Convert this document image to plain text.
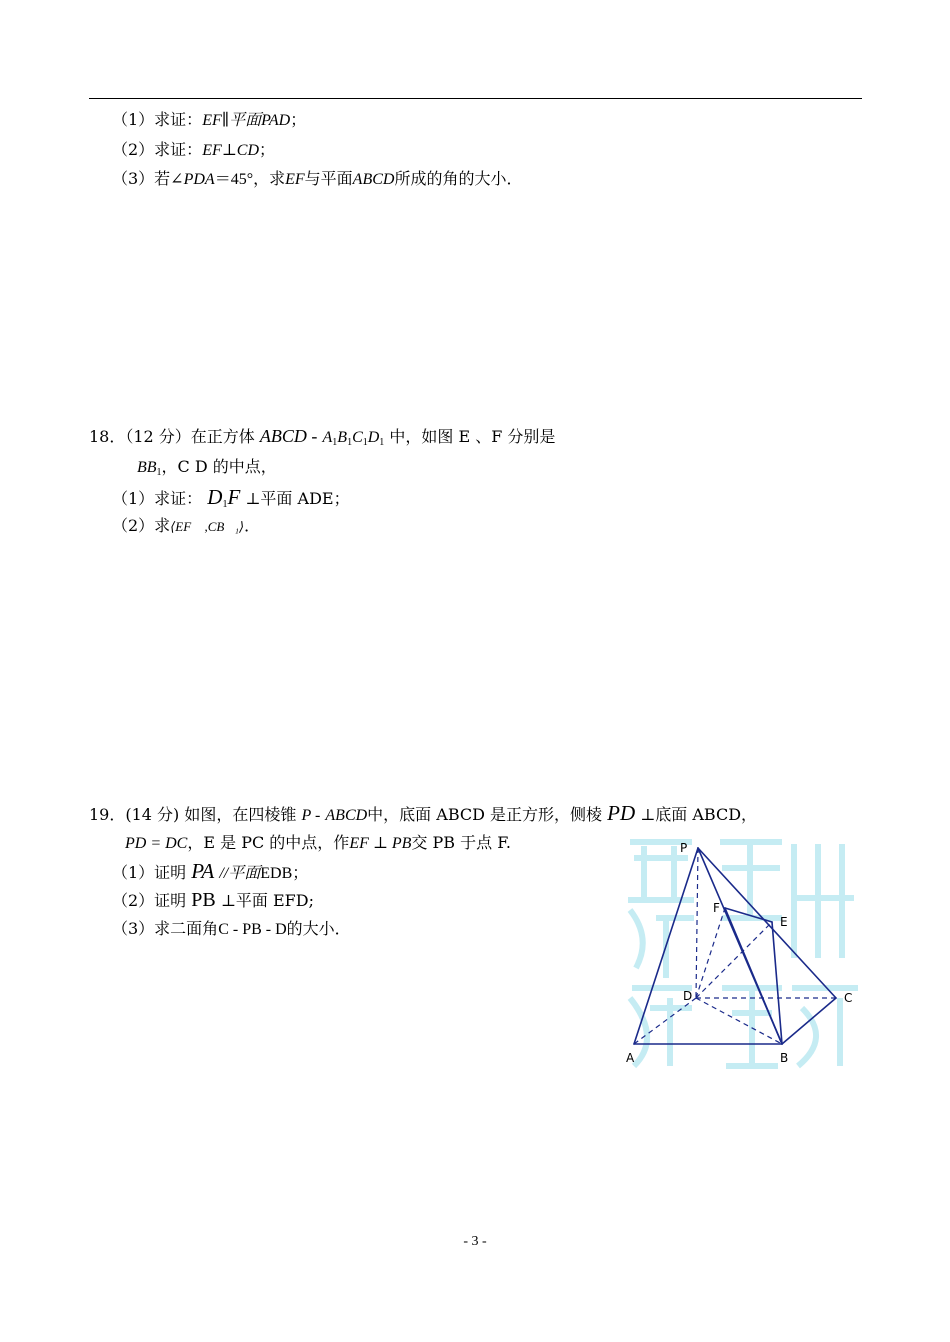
（1）求证：EF∥平面PAD；
（2）求证：EF⊥CD；
（3）若∠PDA＝45°，求EF与平面ABCD所成的角的大小．
18．（12 分）在正方体 ABCD - $A_1B_1C_1D_1$ 中，如图 E 、F 分别是
$BB_1$，C D 的中点，
（1）求证： $D_1F$ ⊥平面 ADE；
（2）求⟨EF⃗ ,CB⃗₁⟩．
19．(14 分) 如图，在四棱锥 P - ABCD中，底面 ABCD 是正方形，侧棱 PD ⊥底面 ABCD，
PD = DC，E 是 PC 的中点，作EF ⊥ PB交 PB 于点 F.
（1）证明 PA //平面EDB；
（2）证明 PB ⊥平面 EFD;
（3）求二面角C - PB - D的大小．
P
F
E
D	C
A	B
- 3 -
